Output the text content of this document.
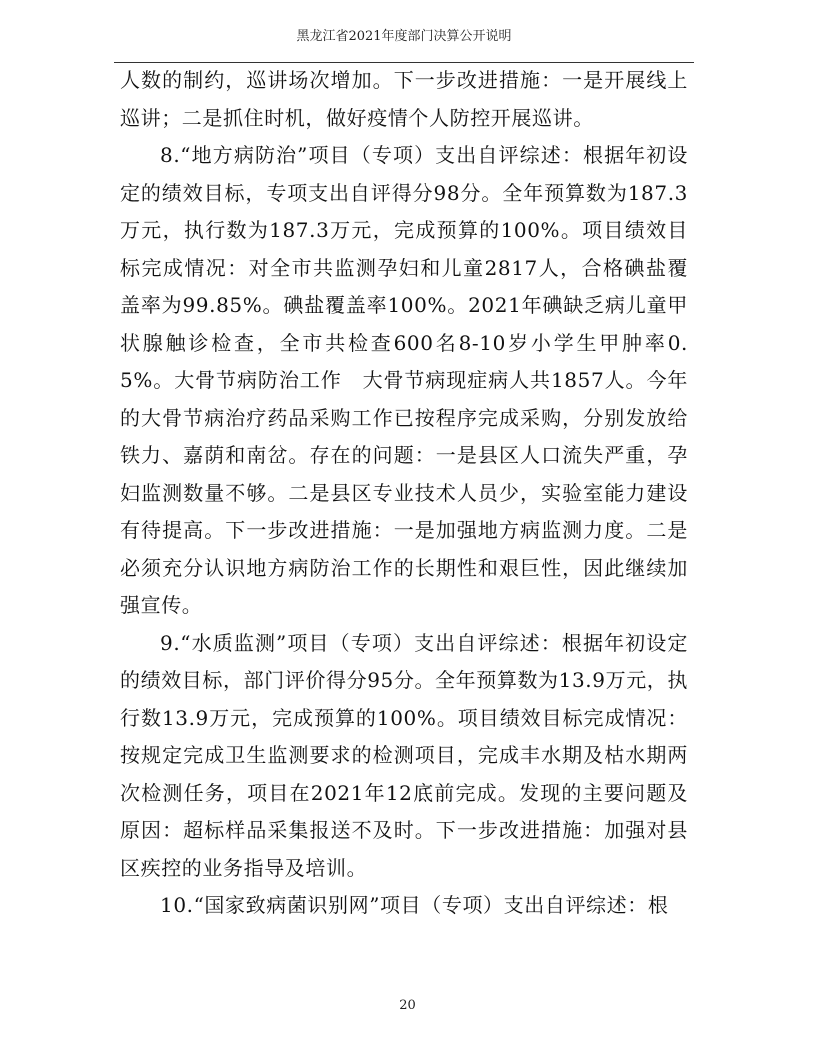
黑龙江省2021年度部门决算公开说明

人数的制约，巡讲场次增加。下一步改进措施：一是开展线上巡讲；二是抓住时机，做好疫情个人防控开展巡讲。

8.“地方病防治”项目（专项）支出自评综述：根据年初设定的绩效目标，专项支出自评得分98分。全年预算数为187.3万元，执行数为187.3万元，完成预算的100%。项目绩效目标完成情况：对全市共监测孕妇和儿童2817人，合格碘盐覆盖率为99.85%。碘盐覆盖率100%。2021年碘缺乏病儿童甲状腺触诊检查，全市共检查600名8-10岁小学生甲肿率0.5%。大骨节病防治工作　大骨节病现症病人共1857人。今年的大骨节病治疗药品采购工作已按程序完成采购，分别发放给铁力、嘉荫和南岔。存在的问题：一是县区人口流失严重，孕妇监测数量不够。二是县区专业技术人员少，实验室能力建设有待提高。下一步改进措施：一是加强地方病监测力度。二是 必须充分认识地方病防治工作的长期性和艰巨性，因此继续加强宣传。

9.“水质监测”项目（专项）支出自评综述：根据年初设定的绩效目标，部门评价得分95分。全年预算数为13.9万元，执行数13.9万元，完成预算的100%。项目绩效目标完成情况：按规定完成卫生监测要求的检测项目，完成丰水期及枯水期两次检测任务，项目在2021年12底前完成。发现的主要问题及原因：超标样品采集报送不及时。下一步改进措施：加强对县区疾控的业务指导及培训。

10.“国家致病菌识别网”项目（专项）支出自评综述：根

20
